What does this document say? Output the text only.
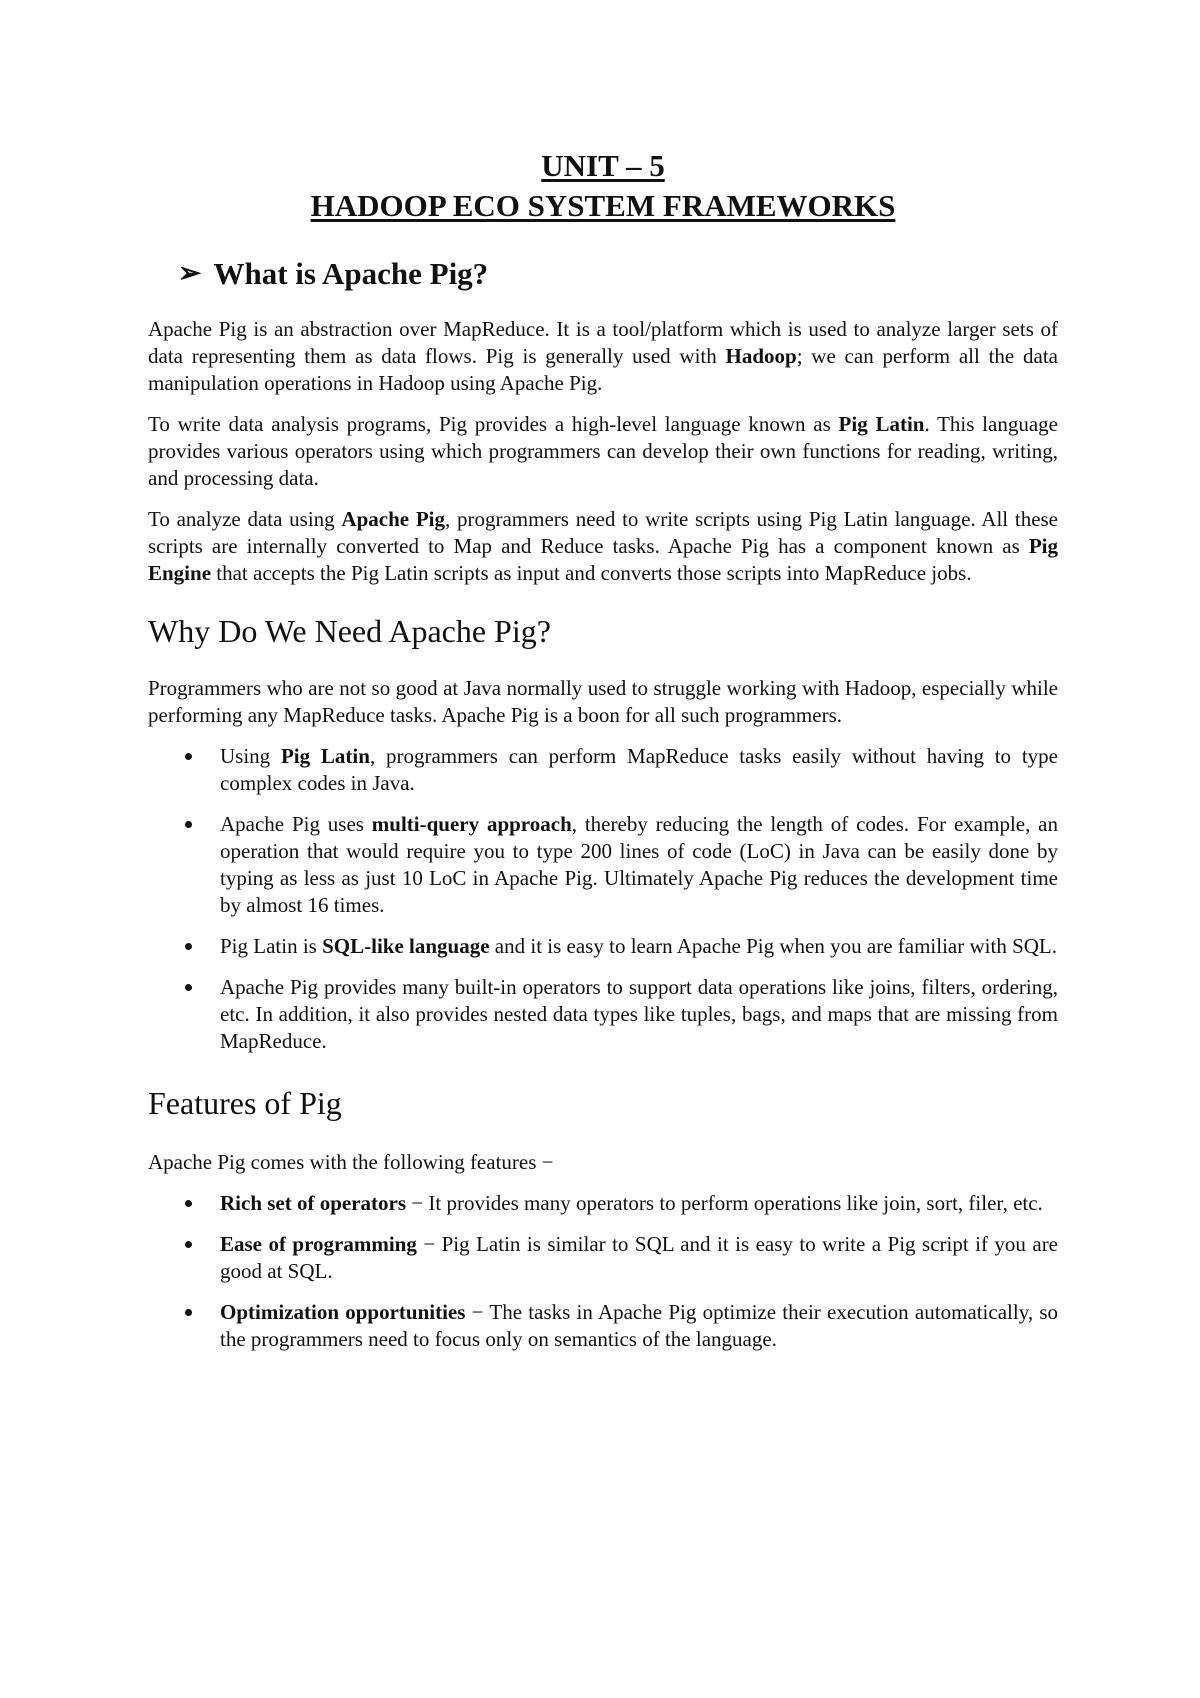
UNIT – 5
HADOOP ECO SYSTEM FRAMEWORKS
➢ What is Apache Pig?

Apache Pig is an abstraction over MapReduce. It is a tool/platform which is used to analyze larger sets of data representing them as data flows. Pig is generally used with Hadoop; we can perform all the data manipulation operations in Hadoop using Apache Pig.

To write data analysis programs, Pig provides a high-level language known as Pig Latin. This language provides various operators using which programmers can develop their own functions for reading, writing, and processing data.

To analyze data using Apache Pig, programmers need to write scripts using Pig Latin language. All these scripts are internally converted to Map and Reduce tasks. Apache Pig has a component known as Pig Engine that accepts the Pig Latin scripts as input and converts those scripts into MapReduce jobs.

Why Do We Need Apache Pig?

Programmers who are not so good at Java normally used to struggle working with Hadoop, especially while performing any MapReduce tasks. Apache Pig is a boon for all such programmers.

Using Pig Latin, programmers can perform MapReduce tasks easily without having to type complex codes in Java.
Apache Pig uses multi-query approach, thereby reducing the length of codes. For example, an operation that would require you to type 200 lines of code (LoC) in Java can be easily done by typing as less as just 10 LoC in Apache Pig. Ultimately Apache Pig reduces the development time by almost 16 times.
Pig Latin is SQL-like language and it is easy to learn Apache Pig when you are familiar with SQL.
Apache Pig provides many built-in operators to support data operations like joins, filters, ordering, etc. In addition, it also provides nested data types like tuples, bags, and maps that are missing from MapReduce.
Features of Pig

Apache Pig comes with the following features −

Rich set of operators − It provides many operators to perform operations like join, sort, filer, etc.
Ease of programming − Pig Latin is similar to SQL and it is easy to write a Pig script if you are good at SQL.
Optimization opportunities − The tasks in Apache Pig optimize their execution automatically, so the programmers need to focus only on semantics of the language.
